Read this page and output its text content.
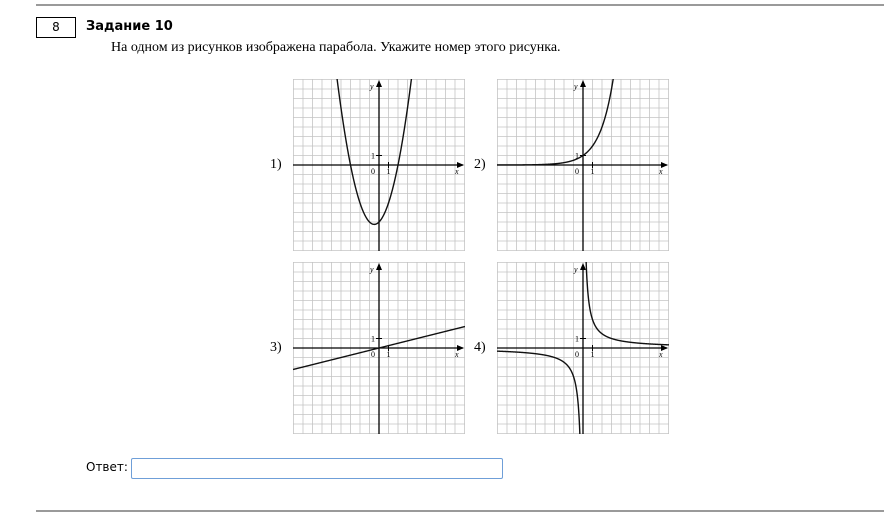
8	Задание 10
На одном из рисунков изображена парабола. Укажите номер этого рисунка.
1)	2)
3)	4)
y
x
0 1
1
y
x
0 1
1
y
x
0 1
1
y
x
0 1
1
Ответ:
